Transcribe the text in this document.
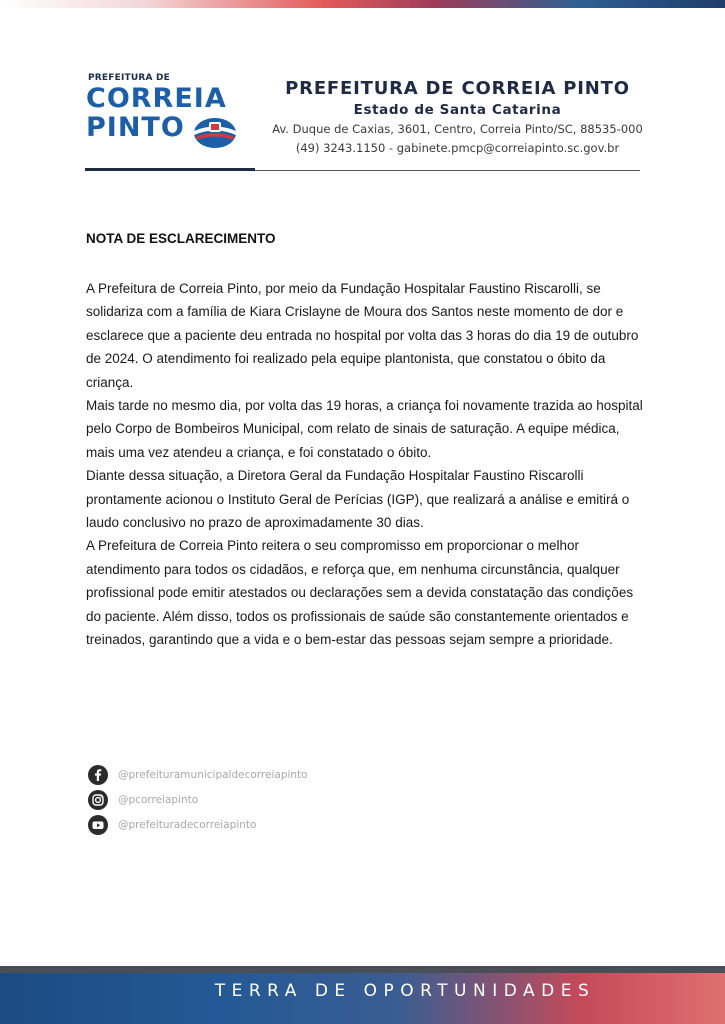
PREFEITURA DE
CORREIA
PINTO
PREFEITURA DE CORREIA PINTO
Estado de Santa Catarina
Av. Duque de Caxias, 3601, Centro, Correia Pinto/SC, 88535-000
(49) 3243.1150 - gabinete.pmcp@correiapinto.sc.gov.br
NOTA DE ESCLARECIMENTO

A Prefeitura de Correia Pinto, por meio da Fundação Hospitalar Faustino Riscarolli, se solidariza com a família de Kiara Crislayne de Moura dos Santos neste momento de dor e esclarece que a paciente deu entrada no hospital por volta das 3 horas do dia 19 de outubro de 2024. O atendimento foi realizado pela equipe plantonista, que constatou o óbito da criança.

Mais tarde no mesmo dia, por volta das 19 horas, a criança foi novamente trazida ao hospital pelo Corpo de Bombeiros Municipal, com relato de sinais de saturação. A equipe médica, mais uma vez atendeu a criança, e foi constatado o óbito.

Diante dessa situação, a Diretora Geral da Fundação Hospitalar Faustino Riscarolli prontamente acionou o Instituto Geral de Perícias (IGP), que realizará a análise e emitirá o laudo conclusivo no prazo de aproximadamente 30 dias.

A Prefeitura de Correia Pinto reitera o seu compromisso em proporcionar o melhor atendimento para todos os cidadãos, e reforça que, em nenhuma circunstância, qualquer profissional pode emitir atestados ou declarações sem a devida constatação das condições do paciente. Além disso, todos os profissionais de saúde são constantemente orientados e treinados, garantindo que a vida e o bem-estar das pessoas sejam sempre a prioridade.

@prefeituramunicipaldecorreiapinto
@pcorreiapinto
@prefeituradecorreiapinto
TERRA DE OPORTUNIDADES
